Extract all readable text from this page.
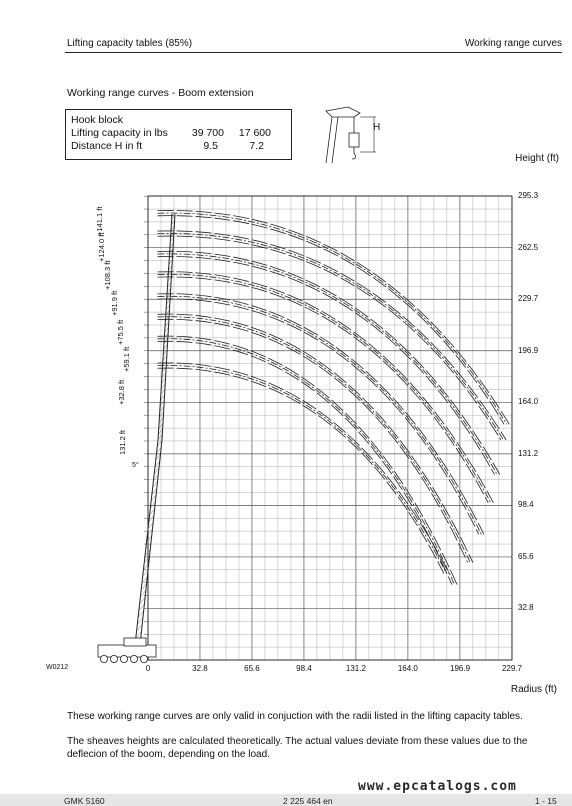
Lifting capacity tables (85%)	Working range curves
Working range curves - Boom extension
Hook block
Lifting capacity in lbs	39 700	17 600
Distance H in ft	9.5	7.2
H
Height (ft)
32.8
65.6
98.4
131.2
164.0
196.9
229.7
262.5
295.3
0	32.8	65.6	98.4	131.2	164.0	196.9	229.7
131.2 ft
+32.8 ft
+59.1 ft
+75.5 ft
+91.9 ft
+108.3 ft
+124.0 ft
+141.1 ft
W0212
5°
Radius (ft)
These working range curves are only valid in conjuction with the radii listed in the lifting capacity tables.
The sheaves heights are calculated theoretically. The actual values deviate from these values due to the deflecion of the boom, depending on the load.
www.epcatalogs.com
GMK 5160	2 225 464 en	1 - 15
